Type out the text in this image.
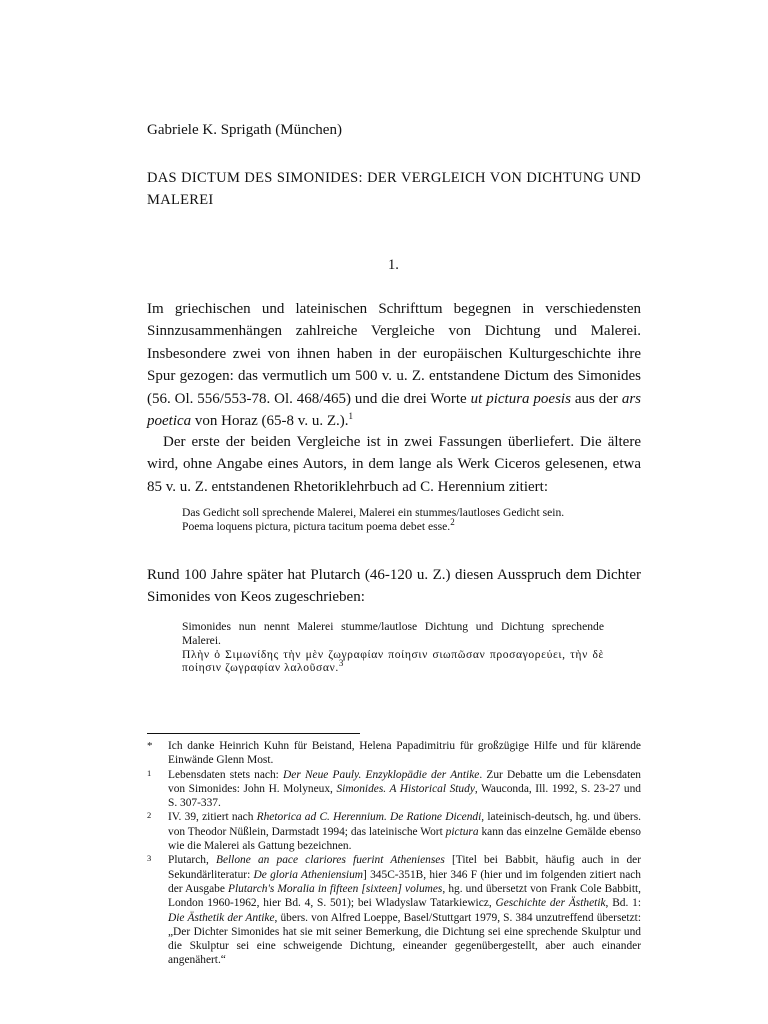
Gabriele K. Sprigath (München)
DAS DICTUM DES SIMONIDES: DER VERGLEICH VON DICHTUNG UND MALEREI
1.

Im griechischen und lateinischen Schrifttum begegnen in verschiedensten Sinnzusammenhängen zahlreiche Vergleiche von Dichtung und Malerei. Insbesondere zwei von ihnen haben in der europäischen Kulturgeschichte ihre Spur gezogen: das vermutlich um 500 v. u. Z. entstandene Dictum des Simonides (56. Ol. 556/553-78. Ol. 468/465) und die drei Worte ut pictura poesis aus der ars poetica von Horaz (65-8 v. u. Z.).$^1$

Der erste der beiden Vergleiche ist in zwei Fassungen überliefert. Die ältere wird, ohne Angabe eines Autors, in dem lange als Werk Ciceros gelesenen, etwa 85 v. u. Z. entstandenen Rhetoriklehrbuch ad C. Herennium zitiert:

Das Gedicht soll sprechende Malerei, Malerei ein stummes/lautloses Gedicht sein.
Poema loquens pictura, pictura tacitum poema debet esse.$^2$

Rund 100 Jahre später hat Plutarch (46-120 u. Z.) diesen Ausspruch dem Dichter Simonides von Keos zugeschrieben:

Simonides nun nennt Malerei stumme/lautlose Dichtung und Dichtung sprechende Malerei.
Πλὴν ὁ Σιμωνίδης τὴν μὲν ζωγραφίαν ποίησιν σιωπῶσαν προσαγορεύει, τὴν δὲ ποίησιν ζωγραφίαν λαλοῦσαν.$^3$

* Ich danke Heinrich Kuhn für Beistand, Helena Papadimitriu für großzügige Hilfe und für klärende Einwände Glenn Most.

1 Lebensdaten stets nach: Der Neue Pauly. Enzyklopädie der Antike. Zur Debatte um die Lebensdaten von Simonides: John H. Molyneux, Simonides. A Historical Study, Wauconda, Ill. 1992, S. 23-27 und S. 307-337.

2 IV. 39, zitiert nach Rhetorica ad C. Herennium. De Ratione Dicendi, lateinisch-deutsch, hg. und übers. von Theodor Nüßlein, Darmstadt 1994; das lateinische Wort pictura kann das einzelne Gemälde ebenso wie die Malerei als Gattung bezeichnen.

3 Plutarch, Bellone an pace clariores fuerint Athenienses [Titel bei Babbit, häufig auch in der Sekundärliteratur: De gloria Atheniensium] 345C-351B, hier 346 F (hier und im folgenden zitiert nach der Ausgabe Plutarch's Moralia in fifteen [sixteen] volumes, hg. und übersetzt von Frank Cole Babbitt, London 1960-1962, hier Bd. 4, S. 501); bei Wladyslaw Tatarkiewicz, Geschichte der Ästhetik, Bd. 1: Die Ästhetik der Antike, übers. von Alfred Loeppe, Basel/Stuttgart 1979, S. 384 unzutreffend übersetzt: „Der Dichter Simonides hat sie mit seiner Bemerkung, die Dichtung sei eine sprechende Skulptur und die Skulptur sei eine schweigende Dichtung, eineander gegenübergestellt, aber auch einander angenähert.“
